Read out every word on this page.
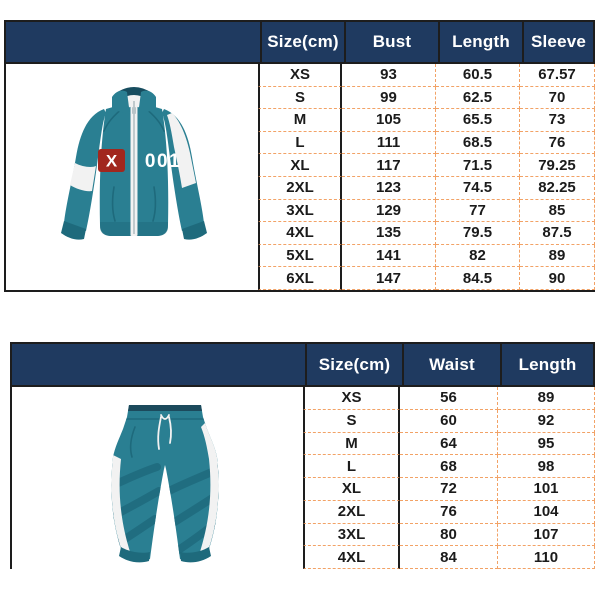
Size(cm)	Bust	Length	Sleeve
X 001
XS	93	60.5	67.57
S	99	62.5	70
M	105	65.5	73
L	111	68.5	76
XL	117	71.5	79.25
2XL	123	74.5	82.25
3XL	129	77	85
4XL	135	79.5	87.5
5XL	141	82	89
6XL	147	84.5	90
Size(cm)	Waist	Length
XS	56	89
S	60	92
M	64	95
L	68	98
XL	72	101
2XL	76	104
3XL	80	107
4XL	84	110
